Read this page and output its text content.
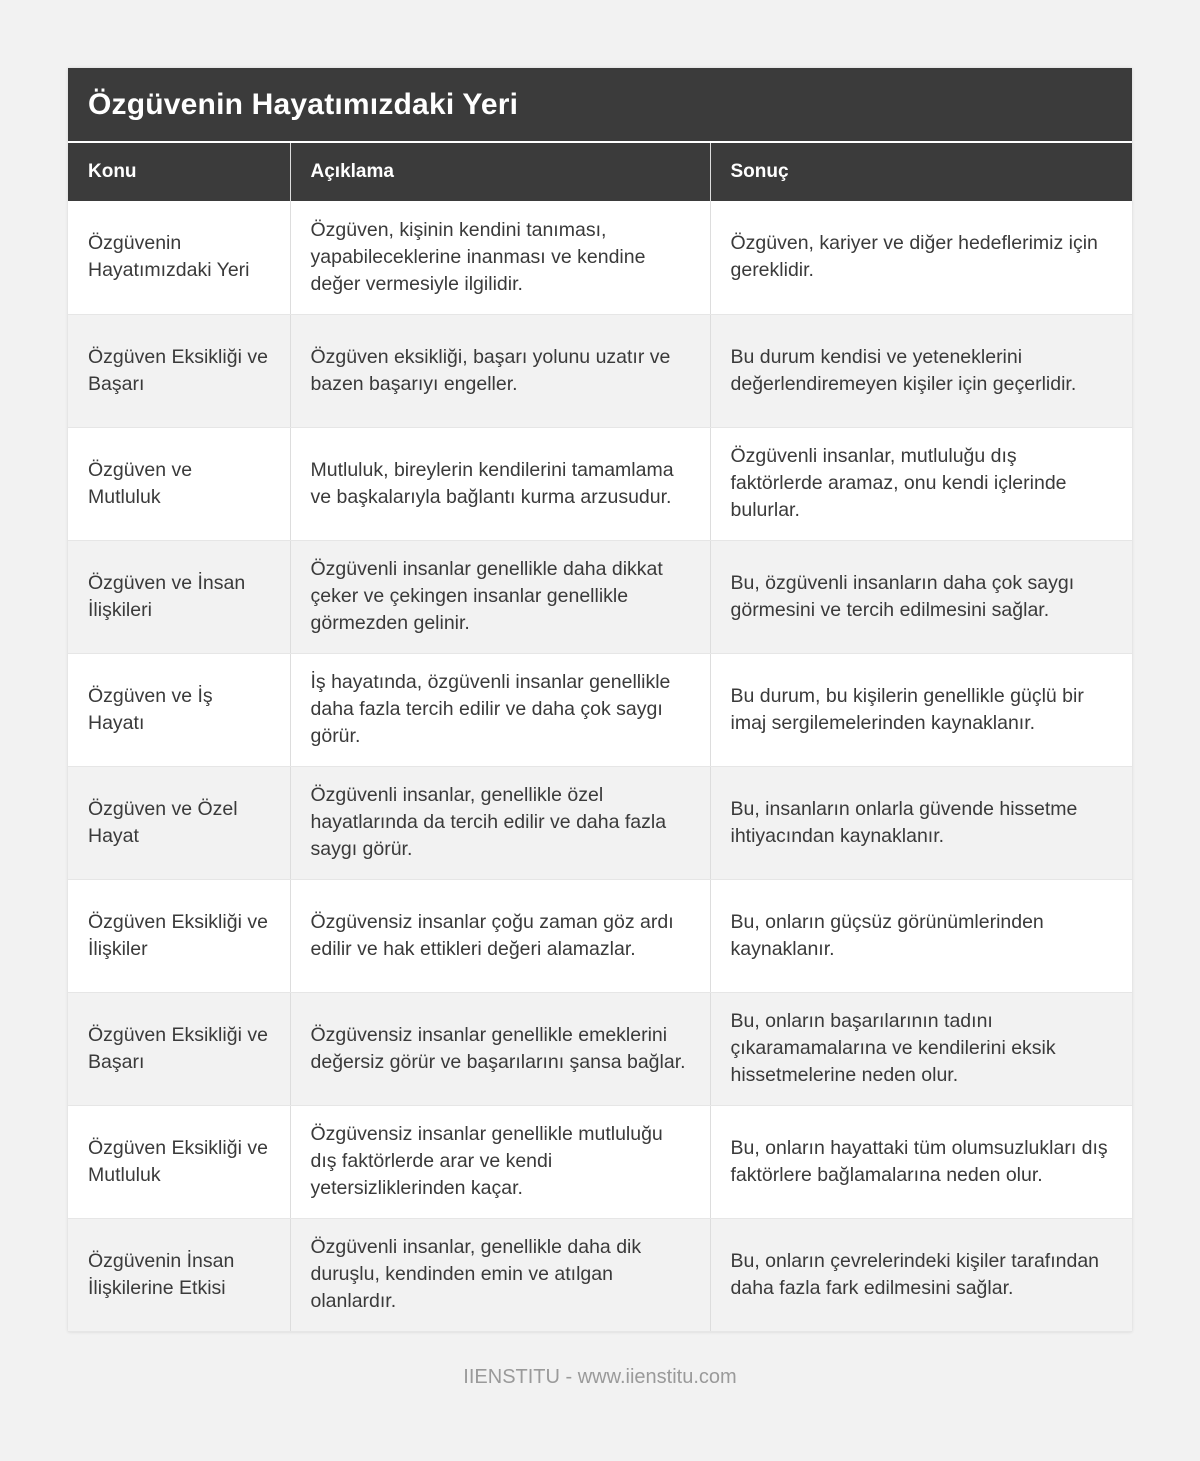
Özgüvenin Hayatımızdaki Yeri
Konu	Açıklama	Sonuç
Özgüvenin Hayatımızdaki Yeri	Özgüven, kişinin kendini tanıması, yapabileceklerine inanması ve kendine değer vermesiyle ilgilidir.	Özgüven, kariyer ve diğer hedeflerimiz için gereklidir.
Özgüven Eksikliği ve Başarı	Özgüven eksikliği, başarı yolunu uzatır ve bazen başarıyı engeller.	Bu durum kendisi ve yeteneklerini değerlendiremeyen kişiler için geçerlidir.
Özgüven ve Mutluluk	Mutluluk, bireylerin kendilerini tamamlama ve başkalarıyla bağlantı kurma arzusudur.	Özgüvenli insanlar, mutluluğu dış faktörlerde aramaz, onu kendi içlerinde bulurlar.
Özgüven ve İnsan İlişkileri	Özgüvenli insanlar genellikle daha dikkat çeker ve çekingen insanlar genellikle görmezden gelinir.	Bu, özgüvenli insanların daha çok saygı görmesini ve tercih edilmesini sağlar.
Özgüven ve İş Hayatı	İş hayatında, özgüvenli insanlar genellikle daha fazla tercih edilir ve daha çok saygı görür.	Bu durum, bu kişilerin genellikle güçlü bir imaj sergilemelerinden kaynaklanır.
Özgüven ve Özel Hayat	Özgüvenli insanlar, genellikle özel hayatlarında da tercih edilir ve daha fazla saygı görür.	Bu, insanların onlarla güvende hissetme ihtiyacından kaynaklanır.
Özgüven Eksikliği ve İlişkiler	Özgüvensiz insanlar çoğu zaman göz ardı edilir ve hak ettikleri değeri alamazlar.	Bu, onların güçsüz görünümlerinden kaynaklanır.
Özgüven Eksikliği ve Başarı	Özgüvensiz insanlar genellikle emeklerini değersiz görür ve başarılarını şansa bağlar.	Bu, onların başarılarının tadını çıkaramamalarına ve kendilerini eksik hissetmelerine neden olur.
Özgüven Eksikliği ve Mutluluk	Özgüvensiz insanlar genellikle mutluluğu dış faktörlerde arar ve kendi yetersizliklerinden kaçar.	Bu, onların hayattaki tüm olumsuzlukları dış faktörlere bağlamalarına neden olur.
Özgüvenin İnsan İlişkilerine Etkisi	Özgüvenli insanlar, genellikle daha dik duruşlu, kendinden emin ve atılgan olanlardır.	Bu, onların çevrelerindeki kişiler tarafından daha fazla fark edilmesini sağlar.
IIENSTITU - www.iienstitu.com
